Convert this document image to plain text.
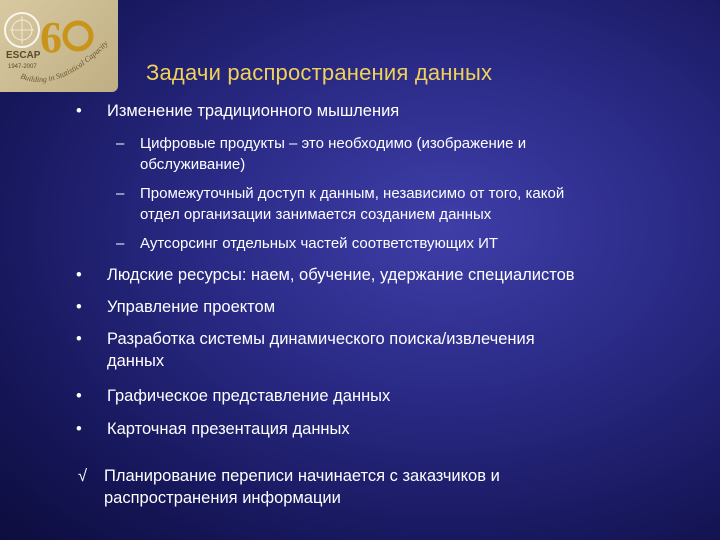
6
ESCAP
1947-2007
Building in Statistical Capacity
Задачи распространения данных
• Изменение традиционного мышления
– Цифровые продукты – это необходимо (изображение и
обслуживание)
– Промежуточный доступ к данным, независимо от того, какой
отдел организации занимается созданием данных
– Аутсорсинг отдельных частей соответствующих ИТ
• Людские ресурсы: наем, обучение, удержание специалистов
• Управление проектом
• Разработка системы динамического поиска/извлечения
данных
• Графическое представление данных
• Карточная презентация данных
√ Планирование переписи начинается с заказчиков и
распространения информации
